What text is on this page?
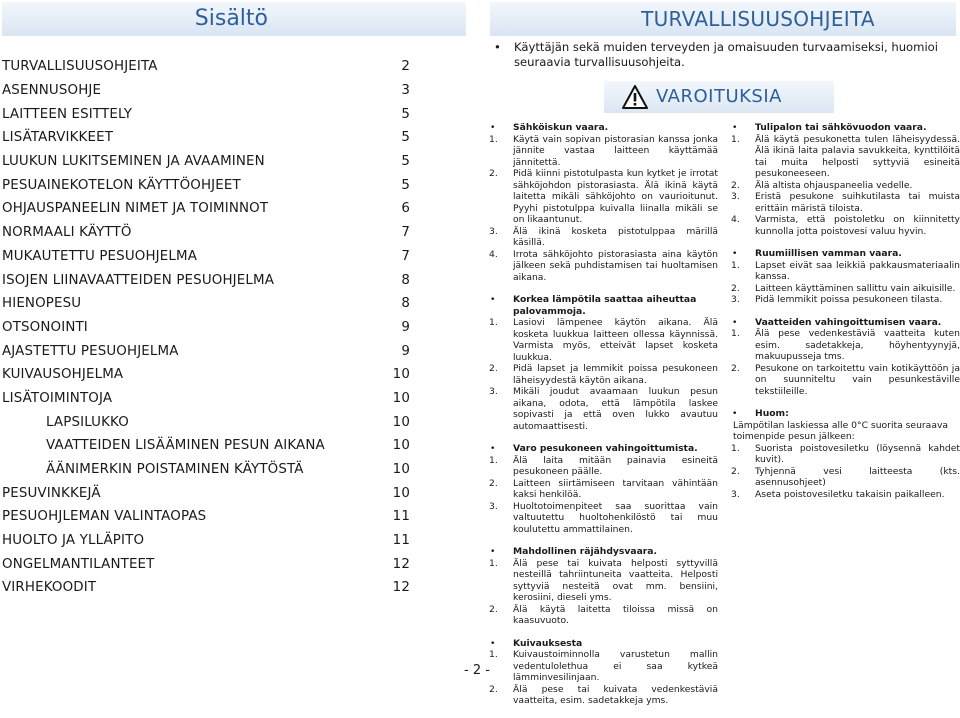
Sisältö
TURVALLISUUSOHJEITA	2
ASENNUSOHJE	3
LAITTEEN ESITTELY	5
LISÄTARVIKKEET	5
LUUKUN LUKITSEMINEN JA AVAAMINEN	5
PESUAINEKOTELON KÄYTTÖOHJEET	5
OHJAUSPANEELIN NIMET JA TOIMINNOT	6
NORMAALI KÄYTTÖ	7
MUKAUTETTU PESUOHJELMA	7
ISOJEN LIINAVAATTEIDEN PESUOHJELMA	8
HIENOPESU	8
OTSONOINTI	9
AJASTETTU PESUOHJELMA	9
KUIVAUSOHJELMA	10
LISÄTOIMINTOJA	10
LAPSILUKKO	10
VAATTEIDEN LISÄÄMINEN PESUN AIKANA	10
ÄÄNIMERKIN POISTAMINEN KÄYTÖSTÄ	10
PESUVINKKEJÄ	10
PESUOHJLEMAN VALINTAOPAS	11
HUOLTO JA YLLÄPITO	11
ONGELMANTILANTEET	12
VIRHEKOODIT	12
TURVALLISUUSOHJEITA
•	Käyttäjän sekä muiden terveyden ja omaisuuden turvaamiseksi, huomioi seuraavia turvallisuusohjeita.

VAROITUKSIA
• Sähköiskun vaara.
1. Käytä vain sopivan pistorasian kanssa jonka jännite vastaa laitteen käyttämää jännitettä.
2. Pidä kiinni pistotulpasta kun kytket je irrotat sähköjohdon pistorasiasta. Älä ikinä käytä laitetta mikäli sähköjohto on vaurioitunut. Pyyhi pistotulppa kuivalla liinalla mikäli se on likaantunut.
3. Älä ikinä kosketa pistotulppaa märillä käsillä.
4. Irrota sähköjohto pistorasiasta aina käytön jälkeen sekä puhdistamisen tai huoltamisen aikana.
• Korkea lämpötila saattaa aiheuttaa palovammoja.
1. Lasiovi lämpenee käytön aikana. Älä kosketa luukkua laitteen ollessa käynnissä. Varmista myös, etteivät lapset kosketa luukkua.
2. Pidä lapset ja lemmikit poissa pesukoneen läheisyydestä käytön aikana.
3. Mikäli joudut avaamaan luukun pesun aikana, odota, että lämpötila laskee sopivasti ja että oven lukko avautuu automaattisesti.
• Varo pesukoneen vahingoittumista.
1. Älä laita mitään painavia esineitä pesukoneen päälle.
2. Laitteen siirtämiseen tarvitaan vähintään kaksi henkilöä.
3. Huoltotoimenpiteet saa suorittaa vain valtuutettu huoltohenkilöstö tai muu koulutettu ammattilainen.
• Mahdollinen räjähdysvaara.
1. Älä pese tai kuivata helposti syttyvillä nesteillä tahriintuneita vaatteita. Helposti syttyviä nesteitä ovat mm. bensiini, kerosiini, dieseli yms.
2. Älä käytä laitetta tiloissa missä on kaasuvuoto.
• Kuivauksesta
1. Kuivaustoiminnolla varustetun mallin vedentulolethua ei saa kytkeä lämminvesilinjaan.
2. Älä pese tai kuivata vedenkestäviä vaatteita, esim. sadetakkeja yms.
• Tulipalon tai sähkövuodon vaara.
1. Älä käytä pesukonetta tulen läheisyydessä. Älä ikinä laita palavia savukkeita, kynttilöitä tai muita helposti syttyviä esineitä pesukoneeseen.
2. Älä altista ohjauspaneelia vedelle.
3. Eristä pesukone suihkutilasta tai muista erittäin märistä tiloista.
4. Varmista, että poistoletku on kiinnitetty kunnolla jotta poistovesi valuu hyvin.
• Ruumiillisen vamman vaara.
1. Lapset eivät saa leikkiä pakkausmateriaalin kanssa.
2. Laitteen käyttäminen sallittu vain aikuisille.
3. Pidä lemmikit poissa pesukoneen tilasta.
• Vaatteiden vahingoittumisen vaara.
1. Älä pese vedenkestäviä vaatteita kuten esim. sadetakkeja, höyhentyynyjä, makuupusseja tms.
2. Pesukone on tarkoitettu vain kotikäyttöön ja on suunniteltu vain pesunkestäville tekstiileille.
• Huom:
Lämpötilan laskiessa alle 0°C suorita seuraava toimenpide pesun jälkeen:
1. Suorista poistovesiletku (löysennä kahdet kuvit).
2. Tyhjennä vesi laitteesta (kts. asennusohjeet)
3. Aseta poistovesiletku takaisin paikalleen.
- 2 -
